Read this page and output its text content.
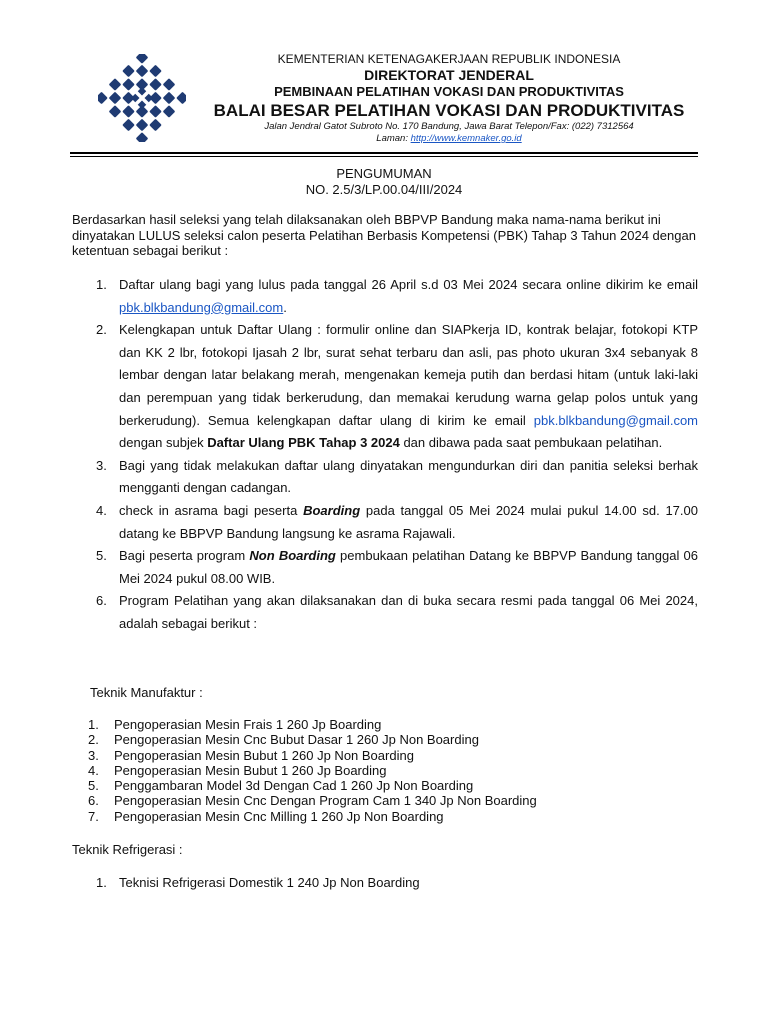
KEMENTERIAN KETENAGAKERJAAN REPUBLIK INDONESIA
DIREKTORAT JENDERAL
PEMBINAAN PELATIHAN VOKASI DAN PRODUKTIVITAS
BALAI BESAR PELATIHAN VOKASI DAN PRODUKTIVITAS
Jalan Jendral Gatot Subroto No. 170 Bandung, Jawa Barat Telepon/Fax: (022) 7312564
Laman: http://www.kemnaker.go.id
PENGUMUMAN
NO. 2.5/3/LP.00.04/III/2024
Berdasarkan hasil seleksi yang telah dilaksanakan oleh BBPVP Bandung maka nama-nama berikut ini dinyatakan LULUS seleksi calon peserta Pelatihan Berbasis Kompetensi (PBK) Tahap 3 Tahun 2024 dengan ketentuan sebagai berikut :
1. Daftar ulang bagi yang lulus pada tanggal 26 April s.d 03 Mei 2024 secara online dikirim ke email pbk.blkbandung@gmail.com.
2. Kelengkapan untuk Daftar Ulang : formulir online dan SIAPkerja ID, kontrak belajar, fotokopi KTP dan KK 2 lbr, fotokopi Ijasah 2 lbr, surat sehat terbaru dan asli, pas photo ukuran 3x4 sebanyak 8 lembar dengan latar belakang merah, mengenakan kemeja putih dan berdasi hitam (untuk laki-laki dan perempuan yang tidak berkerudung, dan memakai kerudung warna gelap polos untuk yang berkerudung). Semua kelengkapan daftar ulang di kirim ke email pbk.blkbandung@gmail.com dengan subjek Daftar Ulang PBK Tahap 3 2024 dan dibawa pada saat pembukaan pelatihan.
3. Bagi yang tidak melakukan daftar ulang dinyatakan mengundurkan diri dan panitia seleksi berhak mengganti dengan cadangan.
4. check in asrama bagi peserta Boarding pada tanggal 05 Mei 2024 mulai pukul 14.00 sd. 17.00 datang ke BBPVP Bandung langsung ke asrama Rajawali.
5. Bagi peserta program Non Boarding pembukaan pelatihan Datang ke BBPVP Bandung tanggal 06 Mei 2024 pukul 08.00 WIB.
6. Program Pelatihan yang akan dilaksanakan dan di buka secara resmi pada tanggal 06 Mei 2024, adalah sebagai berikut :
Teknik Manufaktur :
1. Pengoperasian Mesin Frais 1 260 Jp Boarding
2. Pengoperasian Mesin Cnc Bubut Dasar 1 260 Jp Non Boarding
3. Pengoperasian Mesin Bubut 1 260 Jp Non Boarding
4. Pengoperasian Mesin Bubut 1 260 Jp Boarding
5. Penggambaran Model 3d Dengan Cad 1 260 Jp Non Boarding
6. Pengoperasian Mesin Cnc Dengan Program Cam 1 340 Jp Non Boarding
7. Pengoperasian Mesin Cnc Milling 1 260 Jp Non Boarding
Teknik Refrigerasi :
1. Teknisi Refrigerasi Domestik 1 240 Jp Non Boarding
